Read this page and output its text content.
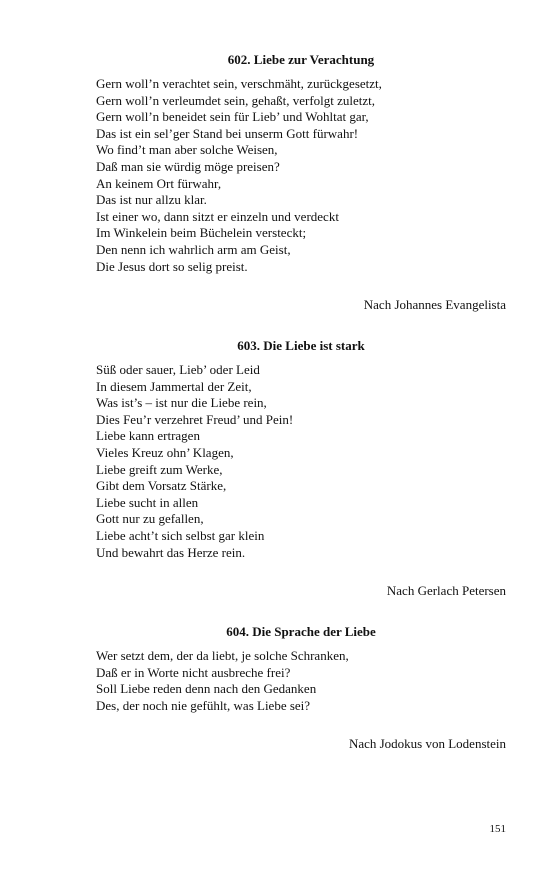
602. Liebe zur Verachtung
Gern woll’n verachtet sein, verschmäht, zurückgesetzt,
Gern woll’n verleumdet sein, gehaßt, verfolgt zuletzt,
Gern woll’n beneidet sein für Lieb’ und Wohltat gar,
Das ist ein sel’ger Stand bei unserm Gott fürwahr!
Wo find’t man aber solche Weisen,
Daß man sie würdig möge preisen?
An keinem Ort fürwahr,
Das ist nur allzu klar.
Ist einer wo, dann sitzt er einzeln und verdeckt
Im Winkelein beim Büchelein versteckt;
Den nenn ich wahrlich arm am Geist,
Die Jesus dort so selig preist.
Nach Johannes Evangelista
603. Die Liebe ist stark
Süß oder sauer, Lieb’ oder Leid
In diesem Jammertal der Zeit,
Was ist’s – ist nur die Liebe rein,
Dies Feu’r verzehret Freud’ und Pein!
Liebe kann ertragen
Vieles Kreuz ohn’ Klagen,
Liebe greift zum Werke,
Gibt dem Vorsatz Stärke,
Liebe sucht in allen
Gott nur zu gefallen,
Liebe acht’t sich selbst gar klein
Und bewahrt das Herze rein.
Nach Gerlach Petersen
604. Die Sprache der Liebe
Wer setzt dem, der da liebt, je solche Schranken,
Daß er in Worte nicht ausbreche frei?
Soll Liebe reden denn nach den Gedanken
Des, der noch nie gefühlt, was Liebe sei?
Nach Jodokus von Lodenstein
151
